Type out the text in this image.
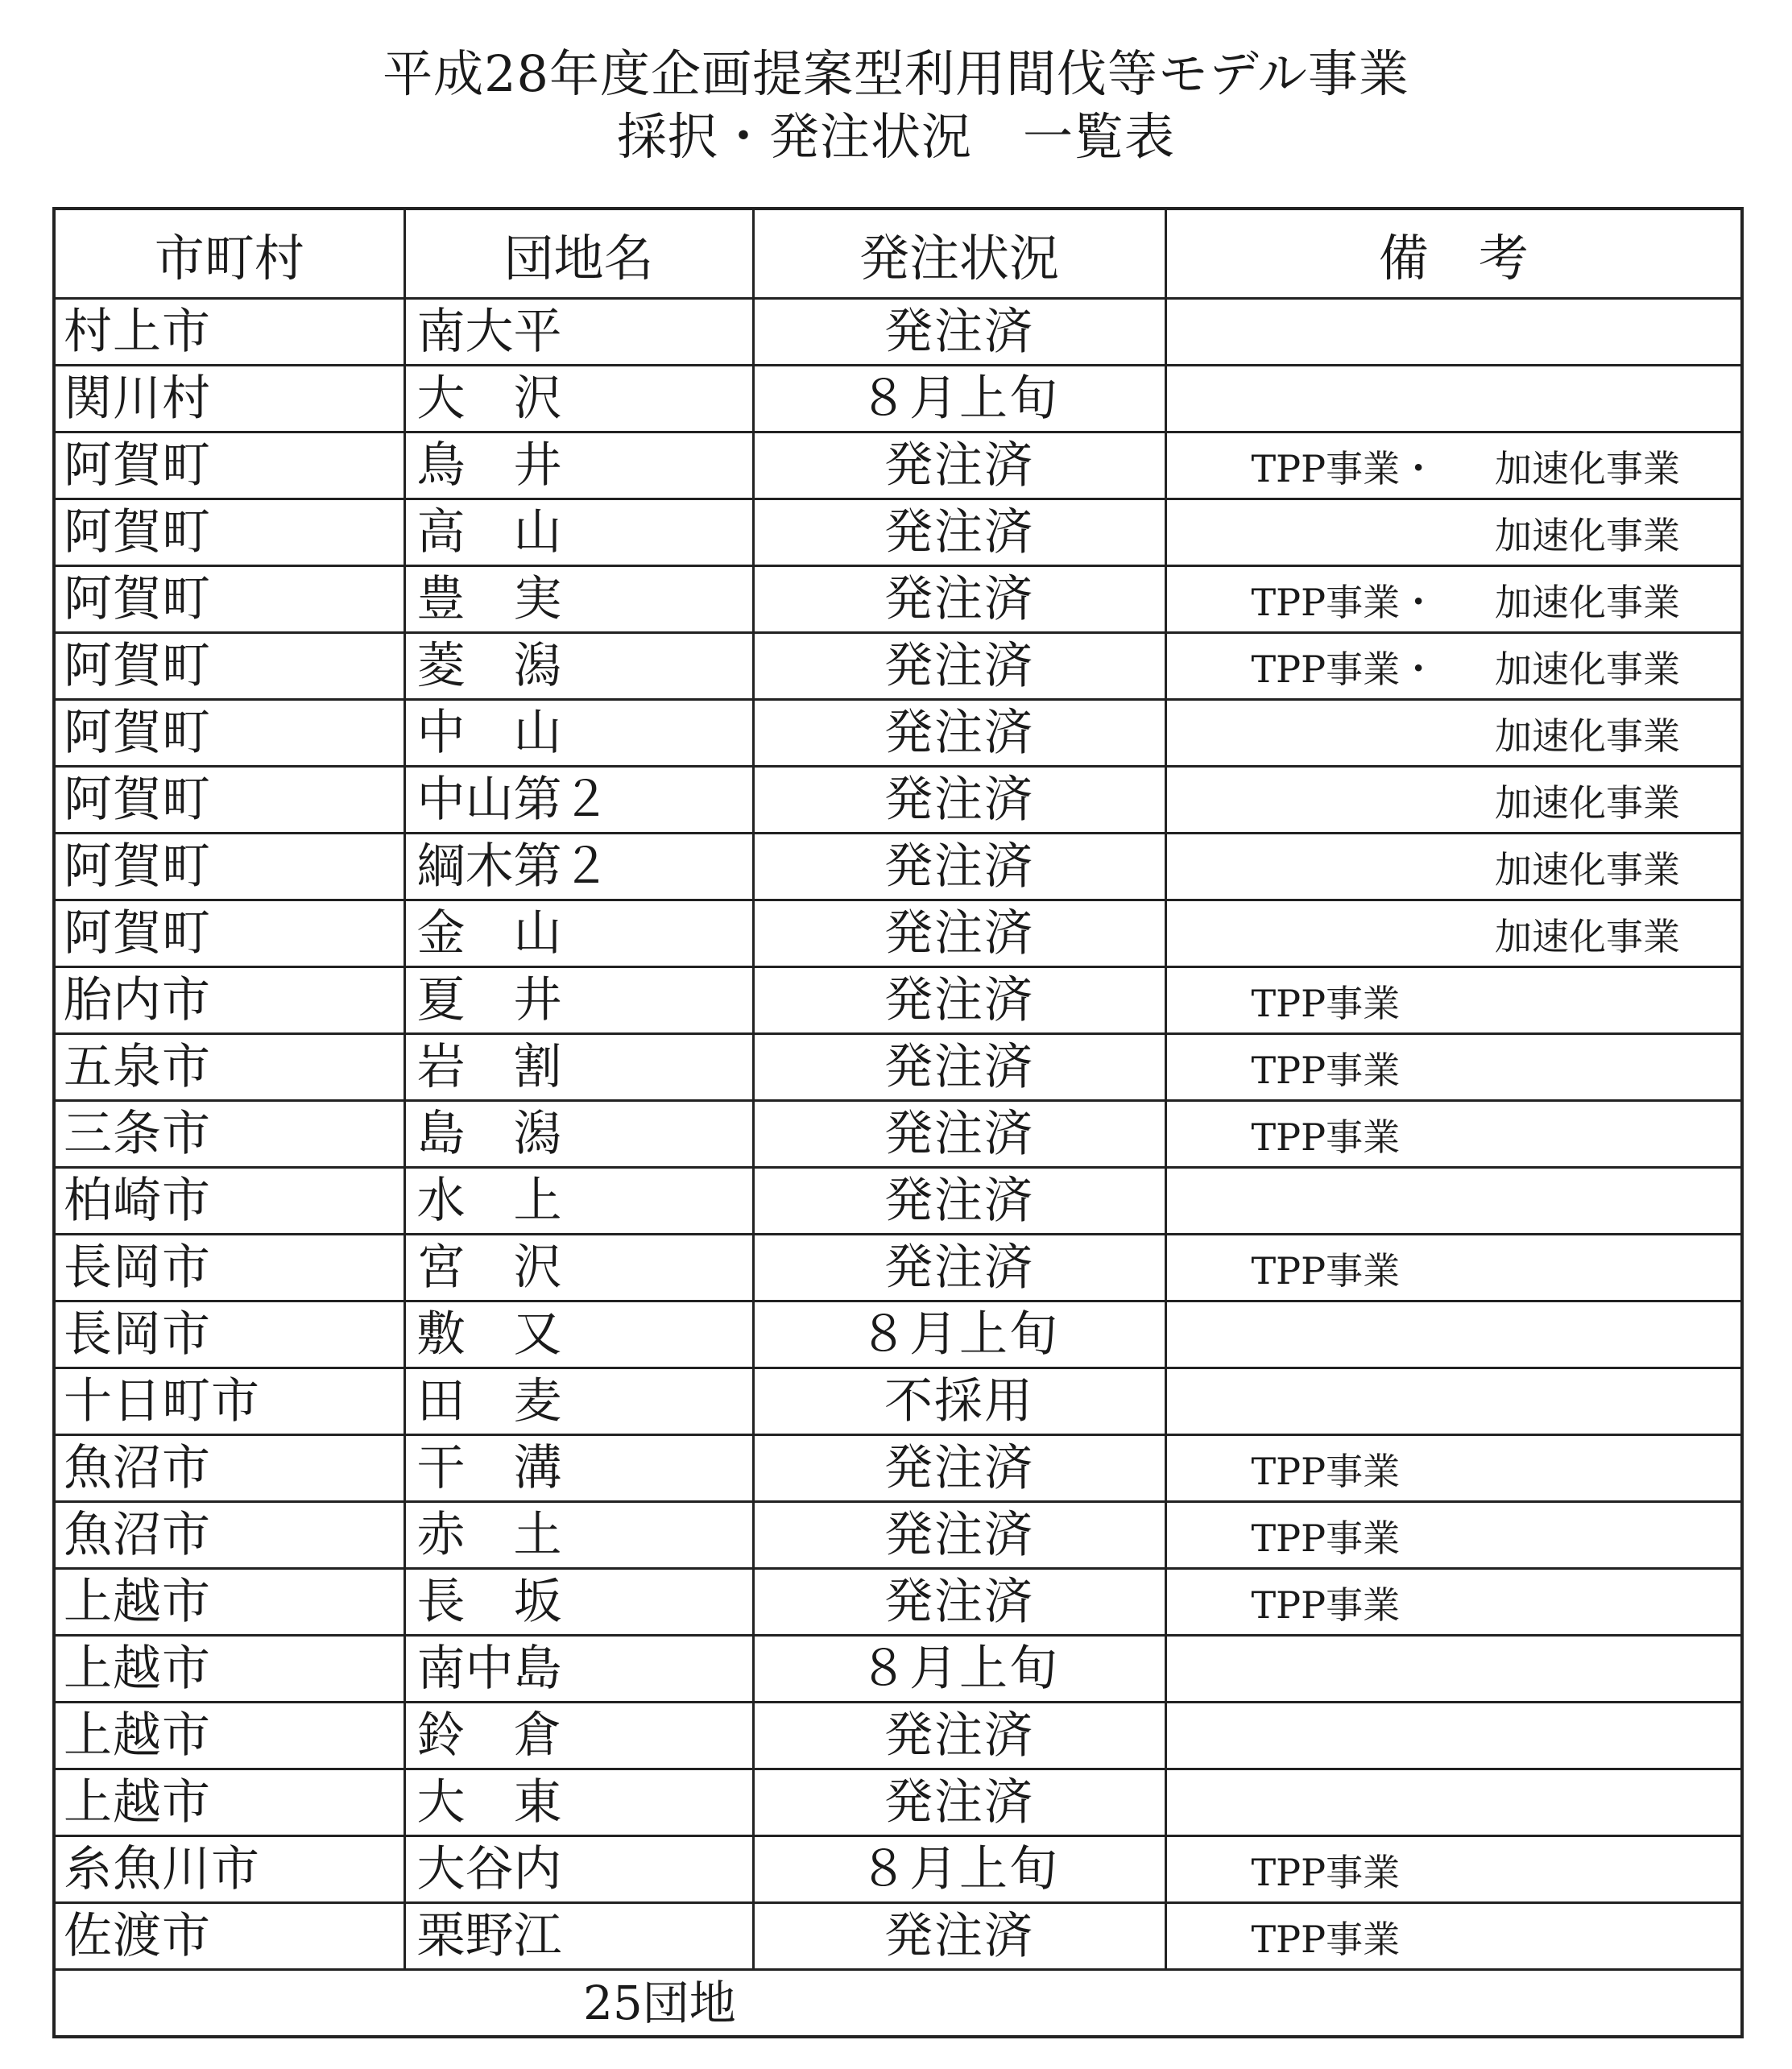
平成28年度企画提案型利用間伐等モデル事業
採択・発注状況　一覧表
市町村	団地名	発注状況	備　考
村上市	南大平	発注済	
関川村	大　沢	８月上旬	
阿賀町	鳥　井	発注済	TPP事業・ 加速化事業

阿賀町	高　山	発注済	加速化事業

阿賀町	豊　実	発注済	TPP事業・ 加速化事業

阿賀町	菱　潟	発注済	TPP事業・ 加速化事業

阿賀町	中　山	発注済	加速化事業

阿賀町	中山第２	発注済	加速化事業

阿賀町	綱木第２	発注済	加速化事業

阿賀町	金　山	発注済	加速化事業

胎内市	夏　井	発注済	TPP事業

五泉市	岩　割	発注済	TPP事業

三条市	島　潟	発注済	TPP事業

柏崎市	水　上	発注済	
長岡市	宮　沢	発注済	TPP事業

長岡市	敷　又	８月上旬	
十日町市	田　麦	不採用	
魚沼市	干　溝	発注済	TPP事業

魚沼市	赤　土	発注済	TPP事業

上越市	長　坂	発注済	TPP事業

上越市	南中島	８月上旬	
上越市	鈴　倉	発注済	
上越市	大　東	発注済	
糸魚川市	大谷内	８月上旬	TPP事業

佐渡市	栗野江	発注済	TPP事業

25団地			
